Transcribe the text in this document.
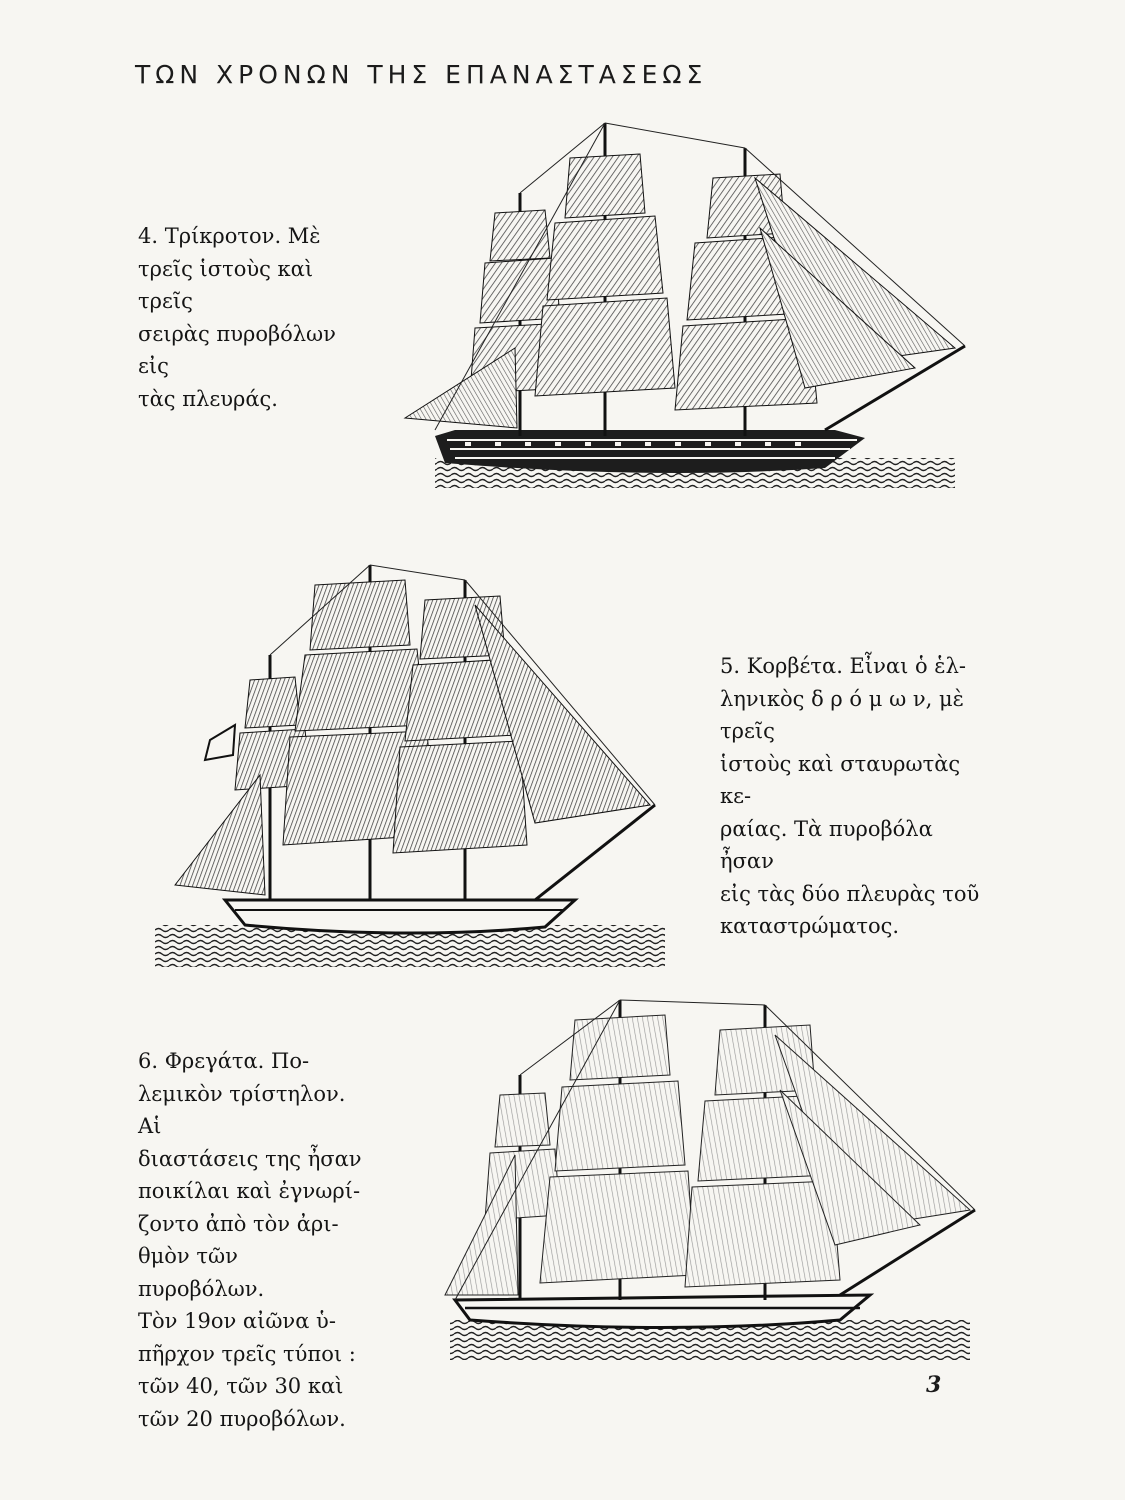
ΤΩΝ ΧΡΟΝΩΝ ΤΗΣ ΕΠΑΝΑΣΤΑΣΕΩΣ
4. Τρίκροτον. Μὲ
τρεῖς ἱστοὺς καὶ τρεῖς
σειρὰς πυροβόλων εἰς
τὰς πλευράς.
5. Κορβέτα. Εἶναι ὁ ἑλ-
ληνικὸς δ ρ ό μ ω ν, μὲ τρεῖς
ἱστοὺς καὶ σταυρωτὰς κε-
ραίας. Τὰ πυροβόλα ἦσαν
εἰς τὰς δύο πλευρὰς τοῦ
καταστρώματος.
6. Φρεγάτα. Πο-
λεμικὸν τρίστηλον. Αἱ
διαστάσεις της ἦσαν
ποικίλαι καὶ ἐγνωρί-
ζοντο ἀπὸ τὸν ἀρι-
θμὸν τῶν πυροβόλων.
Τὸν 19ον αἰῶνα ὑ-
πῆρχον τρεῖς τύποι :
τῶν 40, τῶν 30 καὶ
τῶν 20 πυροβόλων.
3
